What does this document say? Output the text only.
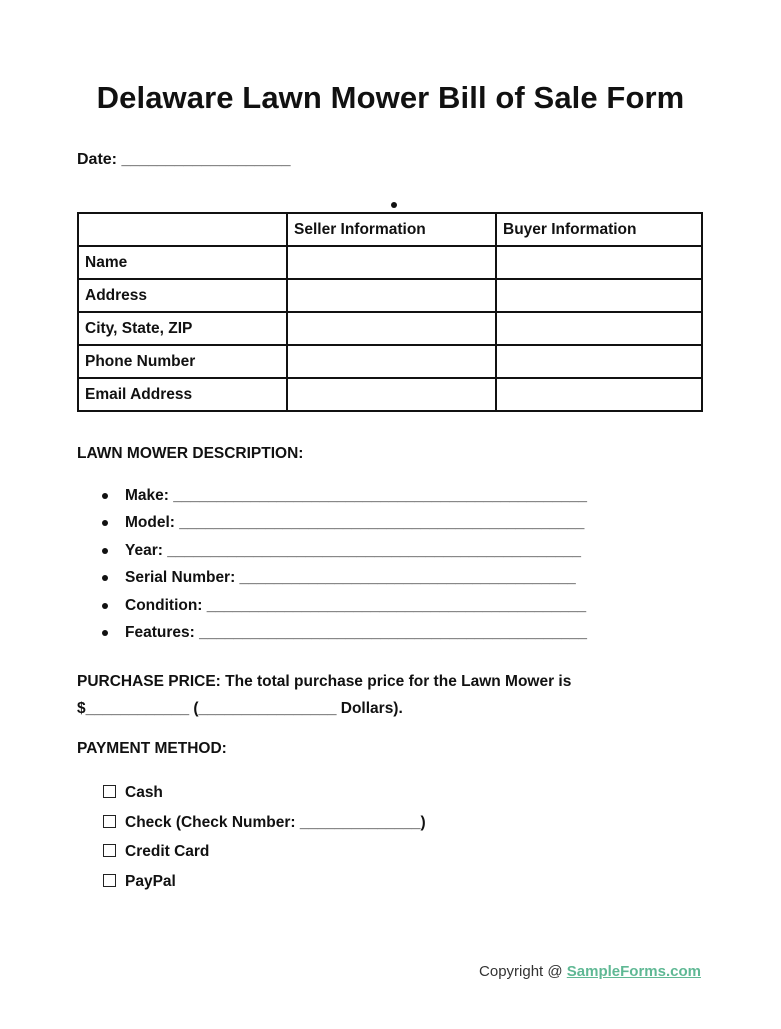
Delaware Lawn Mower Bill of Sale Form
Date: ___________________
	Seller Information	Buyer Information
Name		
Address		
City, State, ZIP		
Phone Number		
Email Address		
LAWN MOWER DESCRIPTION:
Make: ________________________________________________
Model: _______________________________________________
Year: ________________________________________________
Serial Number: _______________________________________
Condition: ____________________________________________
Features: _____________________________________________
PURCHASE PRICE: The total purchase price for the Lawn Mower is
$____________ (________________ Dollars).
PAYMENT METHOD:
Cash
Check (Check Number: ______________)
Credit Card
PayPal
Copyright @ SampleForms.com
